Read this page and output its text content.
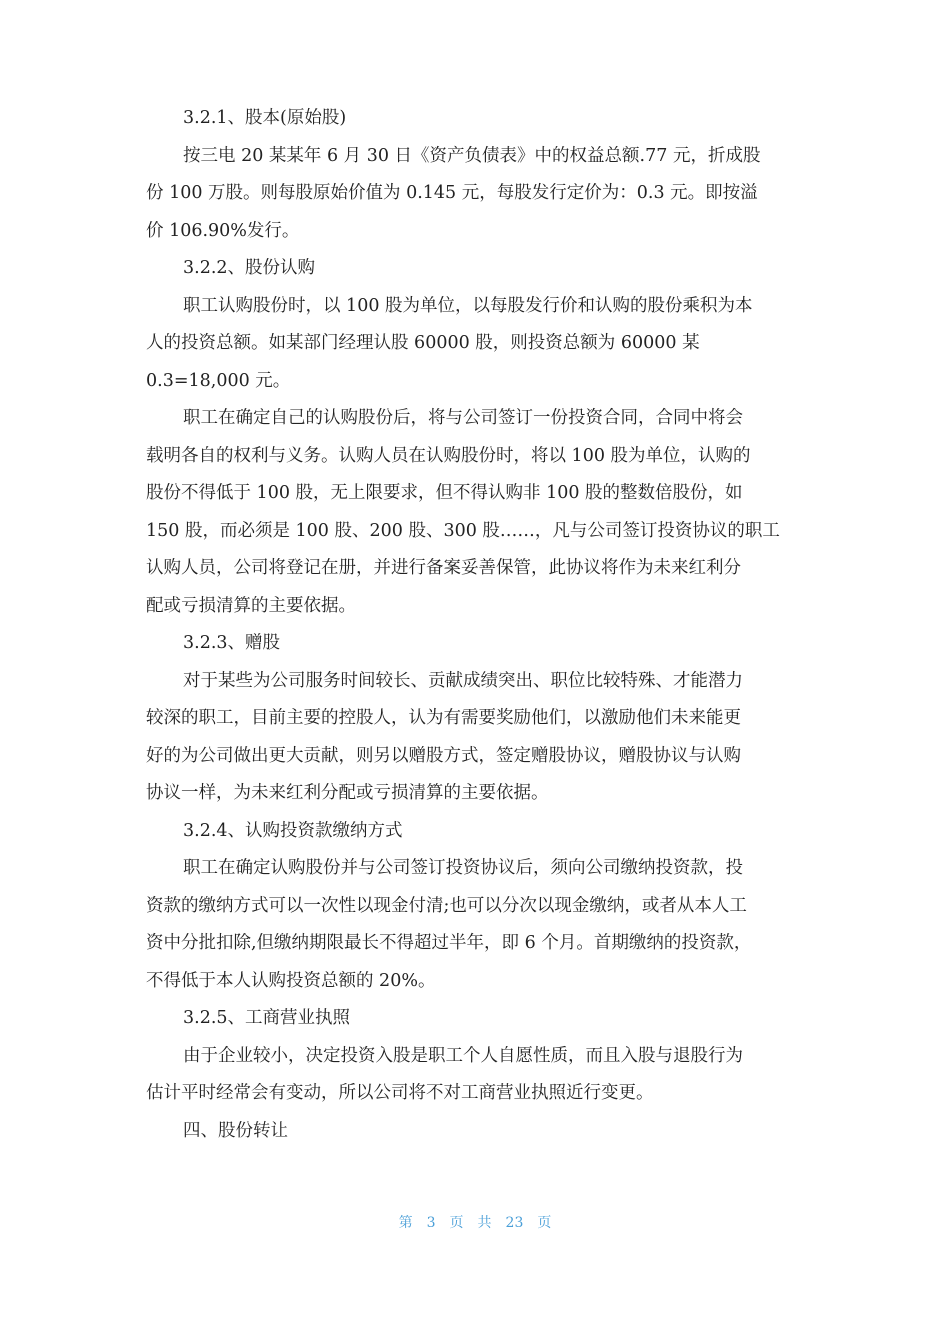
3.2.1、股本(原始股)
按三电 20 某某年 6 月 30 日《资产负债表》中的权益总额.77 元，折成股
份 100 万股。则每股原始价值为 0.145 元，每股发行定价为：0.3 元。即按溢
价 106.90%发行。
3.2.2、股份认购
职工认购股份时，以 100 股为单位，以每股发行价和认购的股份乘积为本
人的投资总额。如某部门经理认股 60000 股，则投资总额为 60000 某
0.3=18,000 元。
职工在确定自己的认购股份后，将与公司签订一份投资合同，合同中将会
载明各自的权利与义务。认购人员在认购股份时，将以 100 股为单位，认购的
股份不得低于 100 股，无上限要求，但不得认购非 100 股的整数倍股份，如
150 股，而必须是 100 股、200 股、300 股……，凡与公司签订投资协议的职工
认购人员，公司将登记在册，并进行备案妥善保管，此协议将作为未来红利分
配或亏损清算的主要依据。
3.2.3、赠股
对于某些为公司服务时间较长、贡献成绩突出、职位比较特殊、才能潜力
较深的职工，目前主要的控股人，认为有需要奖励他们，以激励他们未来能更
好的为公司做出更大贡献，则另以赠股方式，签定赠股协议，赠股协议与认购
协议一样，为未来红利分配或亏损清算的主要依据。
3.2.4、认购投资款缴纳方式
职工在确定认购股份并与公司签订投资协议后，须向公司缴纳投资款，投
资款的缴纳方式可以一次性以现金付清;也可以分次以现金缴纳，或者从本人工
资中分批扣除,但缴纳期限最长不得超过半年，即 6 个月。首期缴纳的投资款，
不得低于本人认购投资总额的 20%。
3.2.5、工商营业执照
由于企业较小，决定投资入股是职工个人自愿性质，而且入股与退股行为
估计平时经常会有变动，所以公司将不对工商营业执照近行变更。
四、股份转让
第 3 页 共 23 页
